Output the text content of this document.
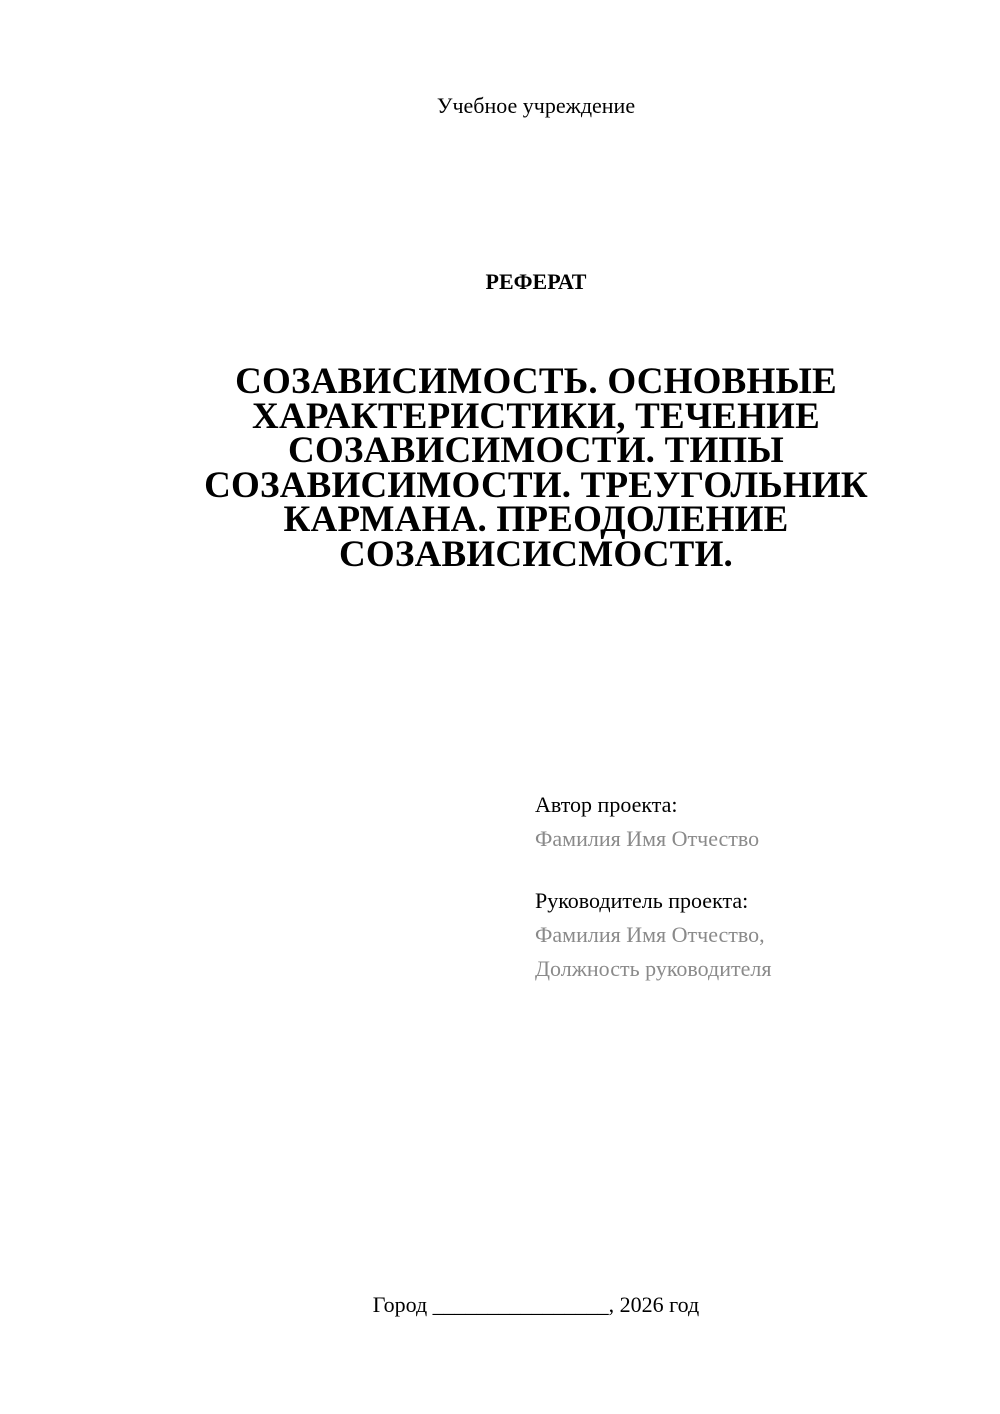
Учебное учреждение
РЕФЕРАТ
СОЗАВИСИМОСТЬ. ОСНОВНЫЕ
ХАРАКТЕРИСТИКИ, ТЕЧЕНИЕ
СОЗАВИСИМОСТИ. ТИПЫ
СОЗАВИСИМОСТИ. ТРЕУГОЛЬНИК
КАРМАНА. ПРЕОДОЛЕНИЕ
СОЗАВИСИСМОСТИ.
Автор проекта:
Фамилия Имя Отчество
Руководитель проекта:
Фамилия Имя Отчество,
Должность руководителя
Город ________________, 2026 год
